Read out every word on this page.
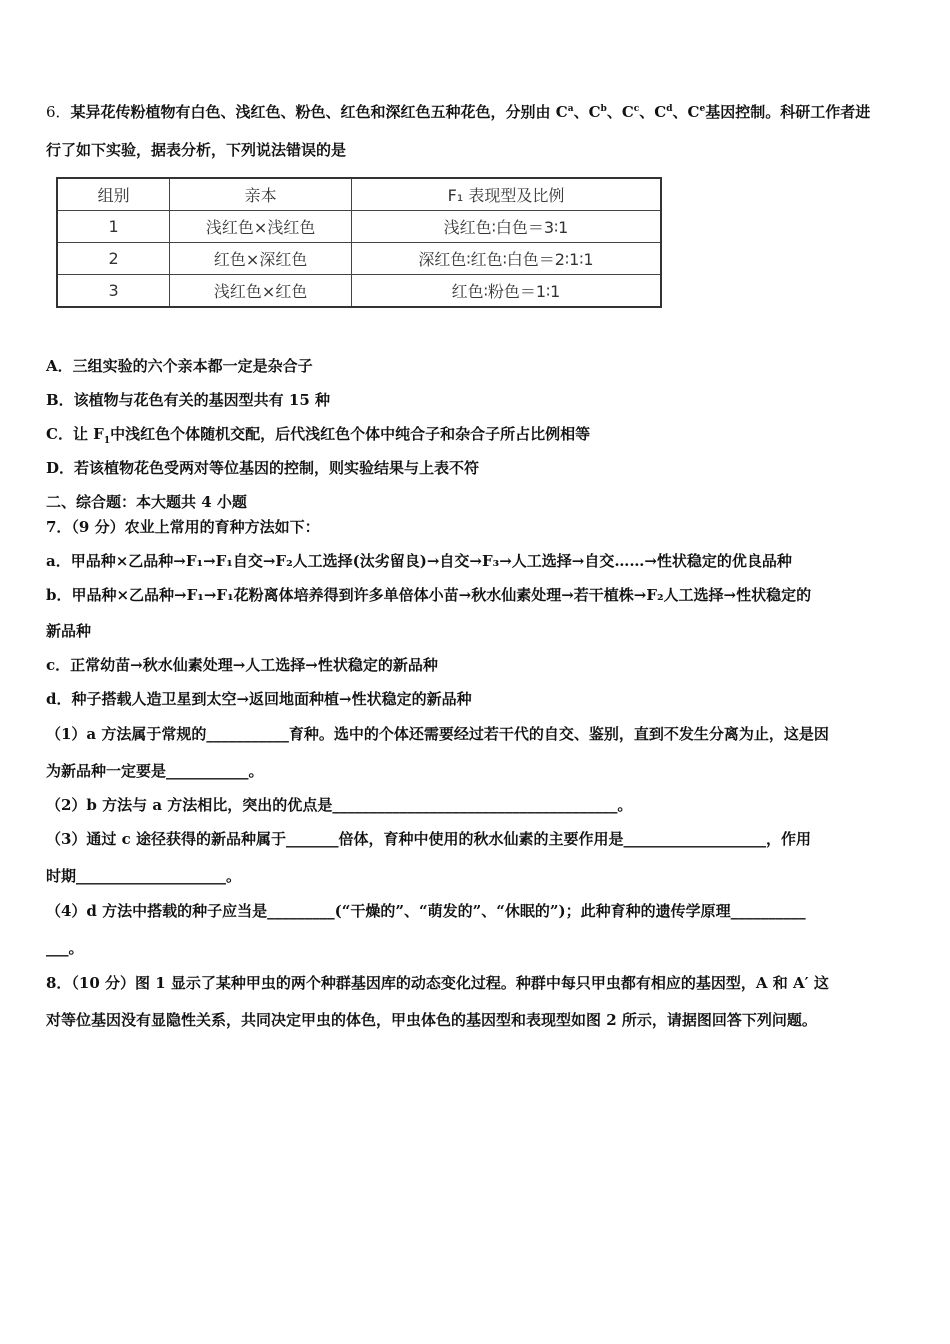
6．某异花传粉植物有白色、浅红色、粉色、红色和深红色五种花色，分别由 $C^a$、$C^b$、$C^c$、$C^d$、Ce基因控制。科研工作者进
行了如下实验，据表分析，下列说法错误的是
组别	亲本	F₁ 表现型及比例
1	浅红色×浅红色	浅红色∶白色＝3∶1
2	红色×深红色	深红色∶红色∶白色＝2∶1∶1
3	浅红色×红色	红色∶粉色＝1∶1
A．三组实验的六个亲本都一定是杂合子
B．该植物与花色有关的基因型共有 15 种
C．让 $F_1$中浅红色个体随机交配，后代浅红色个体中纯合子和杂合子所占比例相等
D．若该植物花色受两对等位基因的控制，则实验结果与上表不符
二、综合题：本大题共 4 小题
7．（9 分）农业上常用的育种方法如下：
a．甲品种×乙品种→F₁→F₁自交→F₂人工选择(汰劣留良)→自交→F₃→人工选择→自交……→性状稳定的优良品种
b．甲品种×乙品种→F₁→F₁花粉离体培养得到许多单倍体小苗→秋水仙素处理→若干植株→F₂人工选择→性状稳定的
新品种
c．正常幼苗→秋水仙素处理→人工选择→性状稳定的新品种
d．种子搭载人造卫星到太空→返回地面种植→性状稳定的新品种
（1）a 方法属于常规的___________育种。选中的个体还需要经过若干代的自交、鉴别，直到不发生分离为止，这是因
为新品种一定要是___________。
（2）b 方法与 a 方法相比，突出的优点是______________________________________。
（3）通过 c 途径获得的新品种属于_______倍体，育种中使用的秋水仙素的主要作用是___________________，作用
时期____________________。
（4）d 方法中搭载的种子应当是_________(“干燥的”、“萌发的”、“休眠的”)；此种育种的遗传学原理__________
___。
8．（10 分）图 1 显示了某种甲虫的两个种群基因库的动态变化过程。种群中每只甲虫都有相应的基因型，A 和 A′ 这
对等位基因没有显隐性关系，共同决定甲虫的体色，甲虫体色的基因型和表现型如图 2 所示，请据图回答下列问题。
